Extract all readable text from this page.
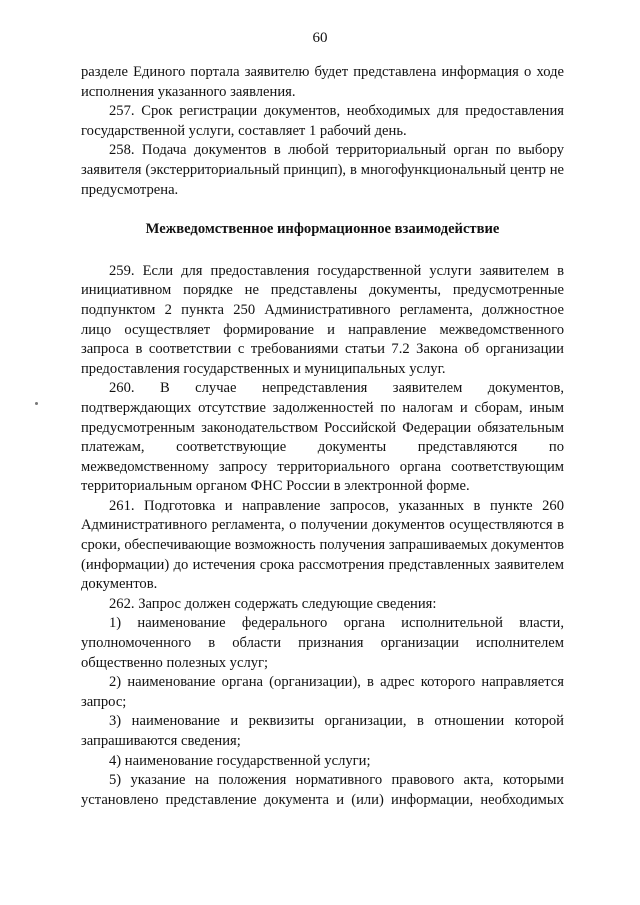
60

разделе Единого портала заявителю будет представлена информация о ходе исполнения указанного заявления.

257. Срок регистрации документов, необходимых для предоставления государственной услуги, составляет 1 рабочий день.

258. Подача документов в любой территориальный орган по выбору заявителя (экстерриториальный принцип), в многофункциональный центр не предусмотрена.

Межведомственное информационное взаимодействие

259. Если для предоставления государственной услуги заявителем в инициативном порядке не представлены документы, предусмотренные подпунктом 2 пункта 250 Административного регламента, должностное лицо осуществляет формирование и направление межведомственного запроса в соответствии с требованиями статьи 7.2 Закона об организации предоставления государственных и муниципальных услуг.

260. В случае непредставления заявителем документов, подтверждающих отсутствие задолженностей по налогам и сборам, иным предусмотренным законодательством Российской Федерации обязательным платежам, соответствующие документы представляются по межведомственному запросу территориального органа соответствующим территориальным органом ФНС России в электронной форме.

261. Подготовка и направление запросов, указанных в пункте 260 Административного регламента, о получении документов осуществляются в сроки, обеспечивающие возможность получения запрашиваемых документов (информации) до истечения срока рассмотрения представленных заявителем документов.

262. Запрос должен содержать следующие сведения:

1) наименование федерального органа исполнительной власти, уполномоченного в области признания организации исполнителем общественно полезных услуг;

2) наименование органа (организации), в адрес которого направляется запрос;

3) наименование и реквизиты организации, в отношении которой запрашиваются сведения;

4) наименование государственной услуги;

5) указание на положения нормативного правового акта, которыми установлено представление документа и (или) информации, необходимых
